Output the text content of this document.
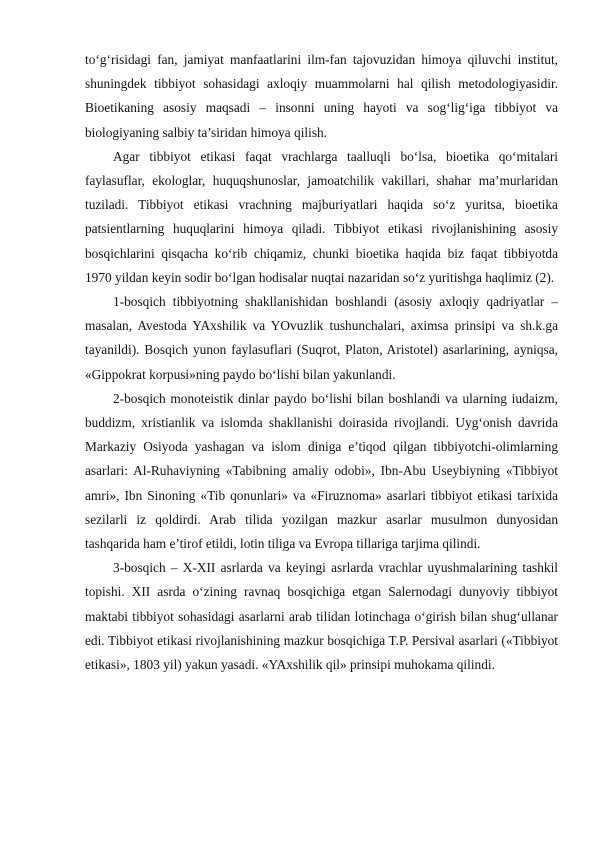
to‘g‘risidagi fan, jamiyat manfaatlarini ilm-fan tajovuzidan himoya qiluvchi institut, shuningdek tibbiyot sohasidagi axloqiy muammolarni hal qilish metodologiyasidir. Bioetikaning asosiy maqsadi – insonni uning hayoti va sog‘lig‘iga tibbiyot va biologiyaning salbiy ta’siridan himoya qilish.

Agar tibbiyot etikasi faqat vrachlarga taalluqli bo‘lsa, bioetika qo‘mitalari faylasuflar, ekologlar, huquqshunoslar, jamoatchilik vakillari, shahar ma’murlaridan tuziladi. Tibbiyot etikasi vrachning majburiyatlari haqida so‘z yuritsa, bioetika patsientlarning huquqlarini himoya qiladi. Tibbiyot etikasi rivojlanishining asosiy bosqichlarini qisqacha ko‘rib chiqamiz, chunki bioetika haqida biz faqat tibbiyotda 1970 yildan keyin sodir bo‘lgan hodisalar nuqtai nazaridan so‘z yuritishga haqlimiz (2).

1-bosqich tibbiyotning shakllanishidan boshlandi (asosiy axloqiy qadriyatlar – masalan, Avestoda YAxshilik va YOvuzlik tushunchalari, aximsa prinsipi va sh.k.ga tayanildi). Bosqich yunon faylasuflari (Suqrot, Platon, Aristotel) asarlarining, ayniqsa, «Gippokrat korpusi»ning paydo bo‘lishi bilan yakunlandi.

2-bosqich monoteistik dinlar paydo bo‘lishi bilan boshlandi va ularning iudaizm, buddizm, xristianlik va islomda shakllanishi doirasida rivojlandi. Uyg‘onish davrida Markaziy Osiyoda yashagan va islom diniga e’tiqod qilgan tibbiyotchi-olimlarning asarlari: Al-Ruhaviyning «Tabibning amaliy odobi», Ibn-Abu Useybiyning «Tibbiyot amri», Ibn Sinoning «Tib qonunlari» va «Firuznoma» asarlari tibbiyot etikasi tarixida sezilarli iz qoldirdi. Arab tilida yozilgan mazkur asarlar musulmon dunyosidan tashqarida ham e’tirof etildi, lotin tiliga va Evropa tillariga tarjima qilindi.

3-bosqich – X-XII asrlarda va keyingi asrlarda vrachlar uyushmalarining tashkil topishi. XII asrda o‘zining ravnaq bosqichiga etgan Salernodagi dunyoviy tibbiyot maktabi tibbiyot sohasidagi asarlarni arab tilidan lotinchaga o‘girish bilan shug‘ullanar edi. Tibbiyot etikasi rivojlanishining mazkur bosqichiga T.P. Persival asarlari («Tibbiyot etikasi», 1803 yil) yakun yasadi. «YAxshilik qil» prinsipi muhokama qilindi.
